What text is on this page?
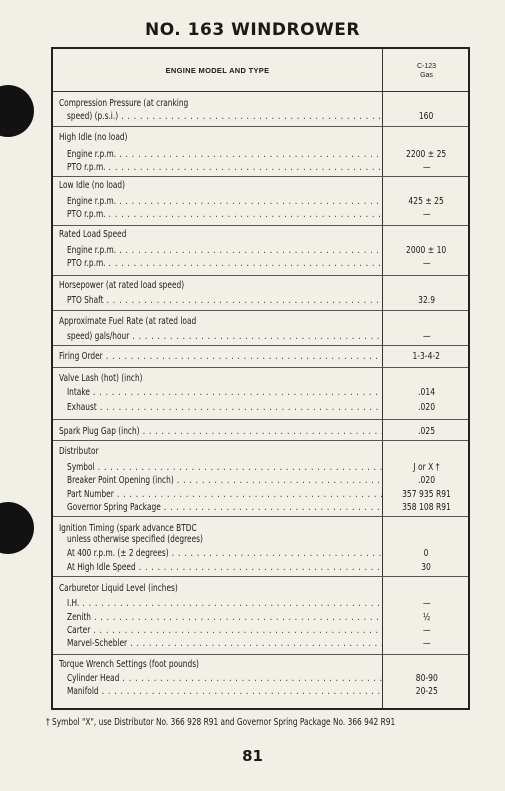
NO. 163 WINDROWER
ENGINE MODEL AND TYPE	C-123
Gas
Compression Pressure (at cranking
speed) (p.s.i.) . . .	160
High Idle (no load)
Engine r.p.m. . . .	2200 ± 25
PTO r.p.m. . . .	—
Low Idle (no load)
Engine r.p.m. . . .	425 ± 25
PTO r.p.m. . . .	—
Rated Load Speed
Engine r.p.m. . . .	2000 ± 10
PTO r.p.m. . . .	—
Horsepower (at rated load speed)
PTO Shaft . . .	32.9
Approximate Fuel Rate (at rated load
speed) gals/hour . . .	—
Firing Order . . .	1-3-4-2
Valve Lash (hot) (inch)
Intake . . .	.014
Exhaust . . .	.020
Spark Plug Gap (inch) . . .	.025
Distributor
Symbol . . .	J or X †
Breaker Point Opening (inch) . . .	.020
Part Number . . .	357 935 R91
Governor Spring Package . . .	358 108 R91
Ignition Timing (spark advance BTDC
unless otherwise specified (degrees)
At 400 r.p.m. (± 2 degrees) . . .	0
At High Idle Speed . . .	30
Carburetor Liquid Level (inches)
I.H. . . .	—
Zenith . . .	½
Carter . . .	—
Marvel-Schebler . . .	—
Torque Wrench Settings (foot pounds)
Cylinder Head . . .	80-90
Manifold . . .	20-25
† Symbol "X", use Distributor No. 366 928 R91 and Governor Spring Package No. 366 942 R91
81
